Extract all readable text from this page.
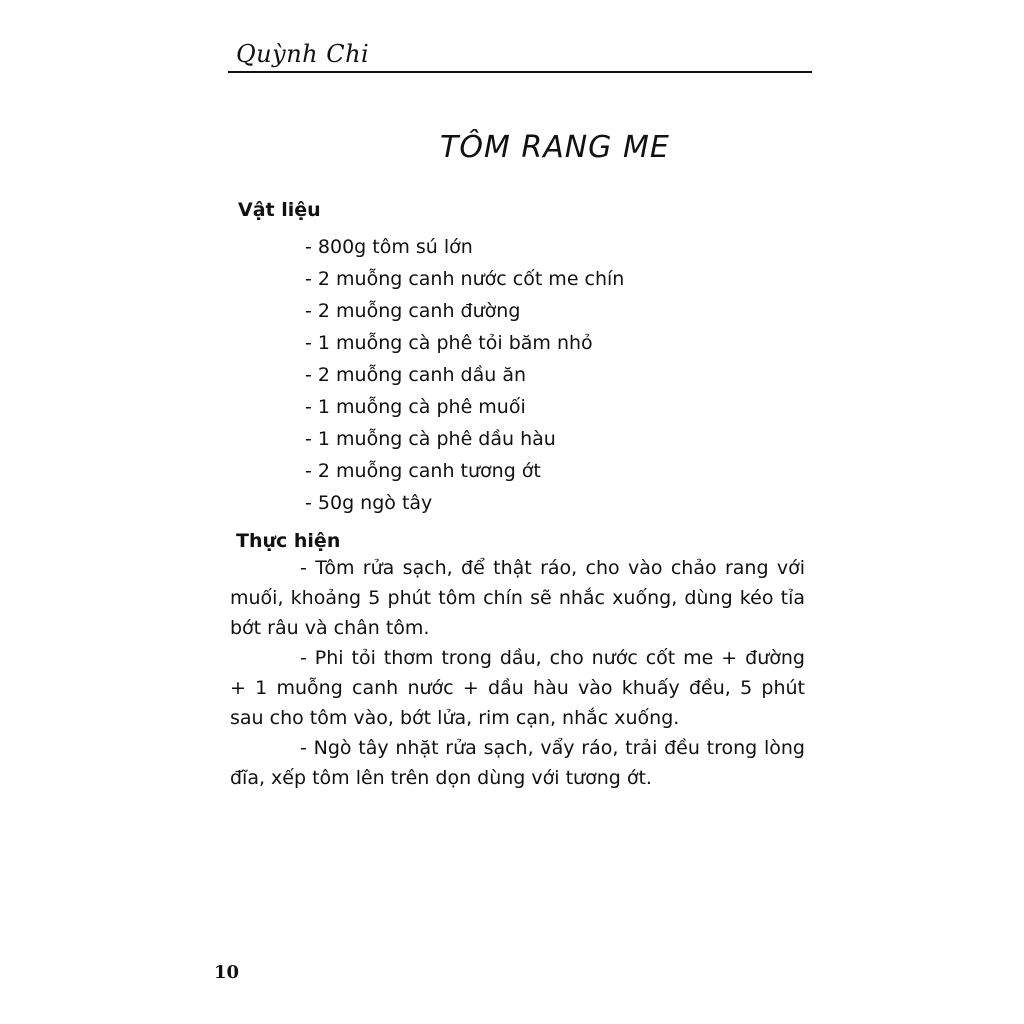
Quỳnh Chi
TÔM RANG ME
Vật liệu
- 800g tôm sú lớn
- 2 muỗng canh nước cốt me chín
- 2 muỗng canh đường
- 1 muỗng cà phê tỏi băm nhỏ
- 2 muỗng canh dầu ăn
- 1 muỗng cà phê muối
- 1 muỗng cà phê dầu hàu
- 2 muỗng canh tương ớt
- 50g ngò tây
Thực hiện

- Tôm rửa sạch, để thật ráo, cho vào chảo rang với muối, khoảng 5 phút tôm chín sẽ nhắc xuống, dùng kéo tỉa bớt râu và chân tôm.

- Phi tỏi thơm trong dầu, cho nước cốt me + đường + 1 muỗng canh nước + dầu hàu vào khuấy đều, 5 phút sau cho tôm vào, bớt lửa, rim cạn, nhắc xuống.

- Ngò tây nhặt rửa sạch, vẩy ráo, trải đều trong lòng đĩa, xếp tôm lên trên dọn dùng với tương ớt.

10
